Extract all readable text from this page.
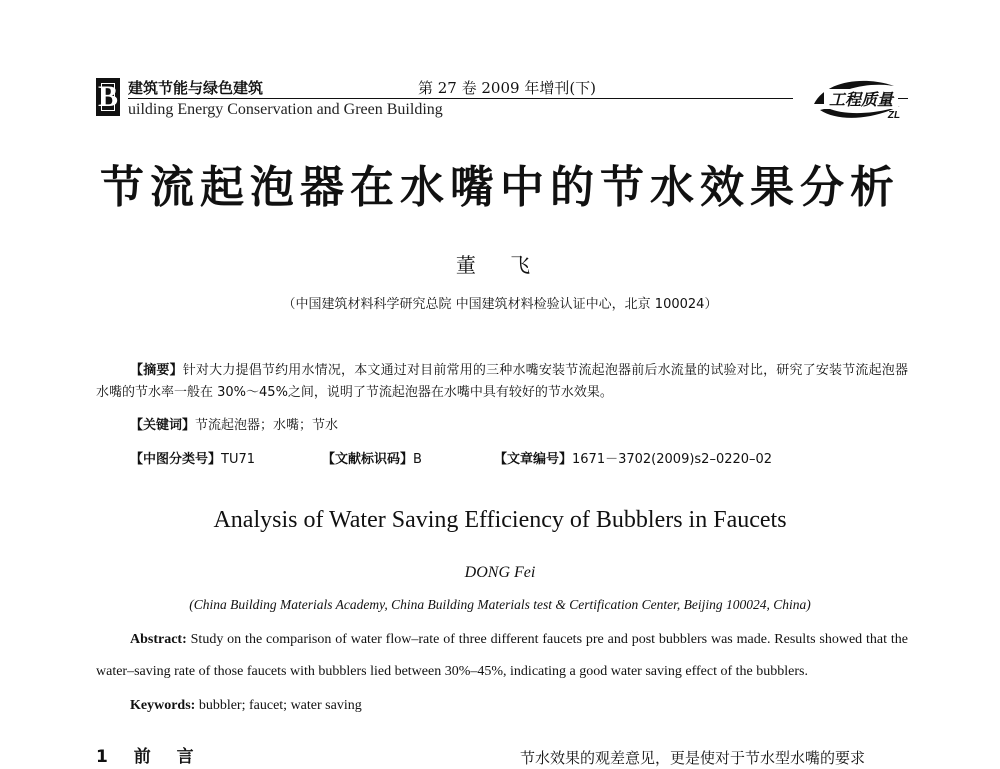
B 建筑节能与绿色建筑
uilding Energy Conservation and Green Building
第 27 卷 2009 年增刊(下)
工程质量
ZL
节流起泡器在水嘴中的节水效果分析
董 飞
（中国建筑材料科学研究总院 中国建筑材料检验认证中心，北京 100024）
【摘要】针对大力提倡节约用水情况，本文通过对目前常用的三种水嘴安装节流起泡器前后水流量的试验对比，研究了安装节流起泡器水嘴的节水率一般在 30%～45%之间，说明了节流起泡器在水嘴中具有较好的节水效果。
【关键词】节流起泡器；水嘴；节水
【中图分类号】TU71	【文献标识码】B	【文章编号】1671－3702(2009)s2–0220–02
Analysis of Water Saving Efficiency of Bubblers in Faucets
DONG Fei
(China Building Materials Academy, China Building Materials test & Certification Center, Beijing 100024, China)
Abstract: Study on the comparison of water flow–rate of three different faucets pre and post bubblers was made. Results showed that the water–saving rate of those faucets with bubblers lied between 30%–45%, indicating a good water saving effect of the bubblers.
Keywords: bubbler; faucet; water saving
1 前 言	节水效果的观差意见，更是使对于节水型水嘴的要求
